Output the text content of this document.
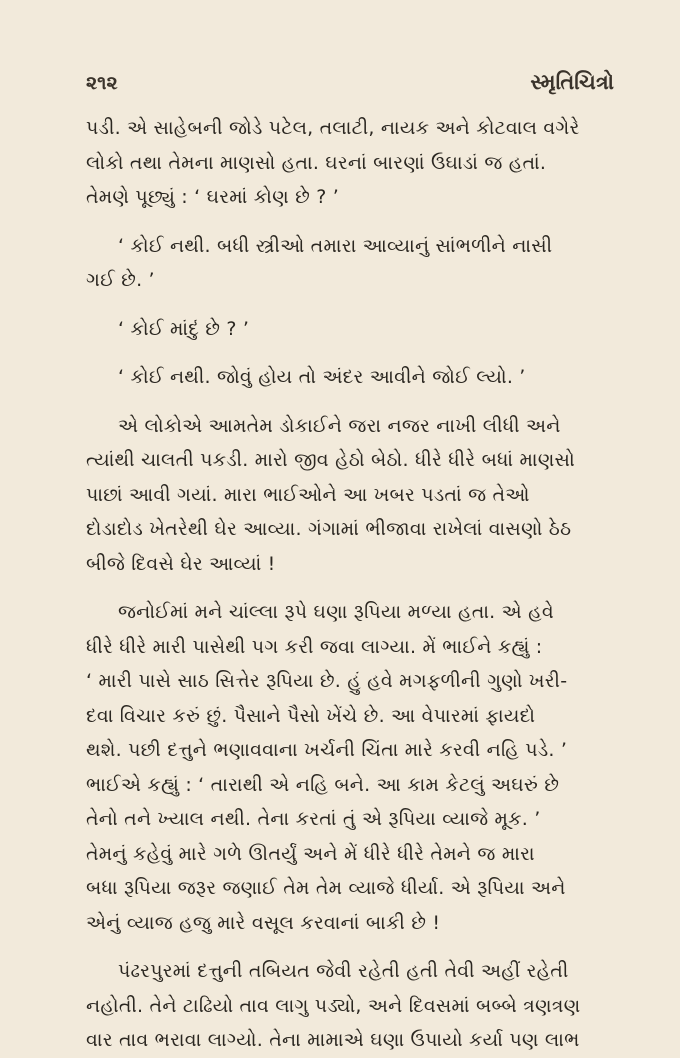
૨૧૨	સ્મૃતિચિત્રો

પડી. એ સાહેબની જોડે પટેલ, તલાટી, નાયક અને કોટવાલ વગેરે
લોકો તથા તેમના માણસો હતા. ઘરનાં બારણાં ઉઘાડાં જ હતાં.
તેમણે પૂછ્યું : ‘ ઘરમાં કોણ છે ? ’

‘ કોઈ નથી. બધી સ્ત્રીઓ તમારા આવ્યાનું સાંભળીને નાસી
ગઈ છે. ’

‘ કોઈ માંદું છે ? ’

‘ કોઈ નથી. જોવું હોય તો અંદર આવીને જોઈ લ્યો. ’

એ લોકોએ આમતેમ ડોકાઈને જરા નજર નાખી લીધી અને
ત્યાંથી ચાલતી પકડી. મારો જીવ હેઠો બેઠો. ધીરે ધીરે બધાં માણસો
પાછાં આવી ગયાં. મારા ભાઈઓને આ ખબર પડતાં જ તેઓ
દોડાદોડ ખેતરેથી ઘેર આવ્યા. ગંગામાં ભીજાવા રાખેલાં વાસણો ઠેઠ
બીજે દિવસે ઘેર આવ્યાં !

જનોઈમાં મને ચાંલ્લા રૂપે ઘણા રૂપિયા મળ્યા હતા. એ હવે
ધીરે ધીરે મારી પાસેથી પગ કરી જવા લાગ્યા. મેં ભાઈને કહ્યું :
‘ મારી પાસે સાઠ સિત્તેર રૂપિયા છે. હું હવે મગફળીની ગુણો ખરી-
દવા વિચાર કરું છું. પૈસાને પૈસો ખેંચે છે. આ વેપારમાં ફાયદો
થશે. પછી દત્તુને ભણાવવાના ખર્ચની ચિંતા મારે કરવી નહિ પડે. ’
ભાઈએ કહ્યું : ‘ તારાથી એ નહિ બને. આ કામ કેટલું અઘરું છે
તેનો તને ખ્યાલ નથી. તેના કરતાં તું એ રૂપિયા વ્યાજે મૂક. ’
તેમનું કહેવું મારે ગળે ઊતર્યું અને મેં ધીરે ધીરે તેમને જ મારા
બધા રૂપિયા જરૂર જણાઈ તેમ તેમ વ્યાજે ધીર્યા. એ રૂપિયા અને
એનું વ્યાજ હજુ મારે વસૂલ કરવાનાં બાકી છે !

પંઢરપુરમાં દત્તુની તબિયત જેવી રહેતી હતી તેવી અહીં રહેતી
નહોતી. તેને ટાઢિયો તાવ લાગુ પડ્યો, અને દિવસમાં બબ્બે ત્રણત્રણ
વાર તાવ ભરાવા લાગ્યો. તેના મામાએ ઘણા ઉપાયો કર્યા પણ લાભ
